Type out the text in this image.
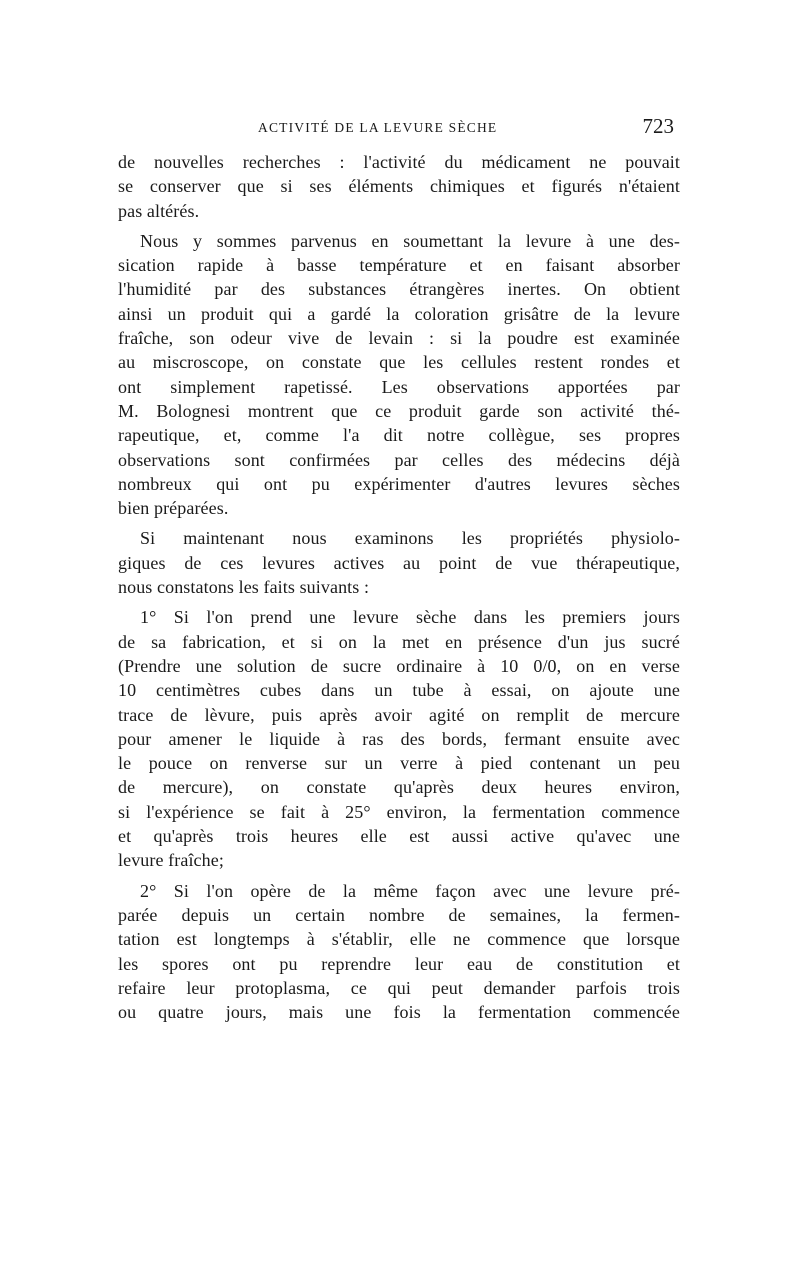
ACTIVITÉ DE LA LEVURE SÈCHE	723
de nouvelles recherches : l'activité du médicament ne pouvait
se conserver que si ses éléments chimiques et figurés n'étaient
pas altérés.
Nous y sommes parvenus en soumettant la levure à une des-
sication rapide à basse température et en faisant absorber
l'humidité par des substances étrangères inertes. On obtient
ainsi un produit qui a gardé la coloration grisâtre de la levure
fraîche, son odeur vive de levain : si la poudre est examinée
au miscroscope, on constate que les cellules restent rondes et
ont simplement rapetissé. Les observations apportées par
M. Bolognesi montrent que ce produit garde son activité thé-
rapeutique, et, comme l'a dit notre collègue, ses propres
observations sont confirmées par celles des médecins déjà
nombreux qui ont pu expérimenter d'autres levures sèches
bien préparées.
Si maintenant nous examinons les propriétés physiolo-
giques de ces levures actives au point de vue thérapeutique,
nous constatons les faits suivants :
1° Si l'on prend une levure sèche dans les premiers jours
de sa fabrication, et si on la met en présence d'un jus sucré
(Prendre une solution de sucre ordinaire à 10 0/0, on en verse
10 centimètres cubes dans un tube à essai, on ajoute une
trace de lèvure, puis après avoir agité on remplit de mercure
pour amener le liquide à ras des bords, fermant ensuite avec
le pouce on renverse sur un verre à pied contenant un peu
de mercure), on constate qu'après deux heures environ,
si l'expérience se fait à 25° environ, la fermentation commence
et qu'après trois heures elle est aussi active qu'avec une
levure fraîche;
2° Si l'on opère de la même façon avec une levure pré-
parée depuis un certain nombre de semaines, la fermen-
tation est longtemps à s'établir, elle ne commence que lorsque
les spores ont pu reprendre leur eau de constitution et
refaire leur protoplasma, ce qui peut demander parfois trois
ou quatre jours, mais une fois la fermentation commencée
